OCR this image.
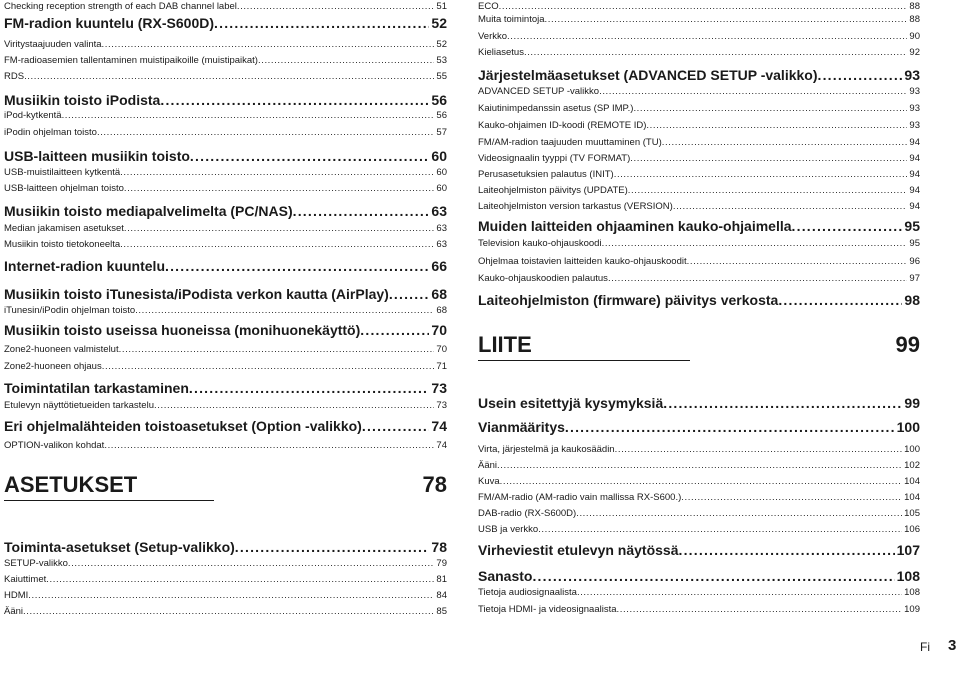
Checking reception strength of each DAB channel label .....	51
FM-radion kuuntelu (RX-S600D) .....	52
Viritystaajuuden valinta .....	52
FM-radioasemien tallentaminen muistipaikoille (muistipaikat) .....	53
RDS .....	55
Musiikin toisto iPodista .....	56
iPod-kytkentä .....	56
iPodin ohjelman toisto .....	57
USB-laitteen musiikin toisto .....	60
USB-muistilaitteen kytkentä .....	60
USB-laitteen ohjelman toisto .....	60
Musiikin toisto mediapalvelimelta (PC/NAS) .....	63
Median jakamisen asetukset .....	63
Musiikin toisto tietokoneelta .....	63
Internet-radion kuuntelu .....	66
Musiikin toisto iTunesista/iPodista verkon kautta (AirPlay) .....	68
iTunesin/iPodin ohjelman toisto .....	68
Musiikin toisto useissa huoneissa (monihuonekäyttö) .....	70
Zone2-huoneen valmistelut .....	70
Zone2-huoneen ohjaus .....	71
Toimintatilan tarkastaminen .....	73
Etulevyn näyttötietueiden tarkastelu .....	73
Eri ohjelmalähteiden toistoasetukset (Option -valikko) .....	74
OPTION-valikon kohdat .....	74
ASETUKSET	78
Toiminta-asetukset (Setup-valikko) .....	78
SETUP-valikko .....	79
Kaiuttimet .....	81
HDMI .....	84
Ääni .....	85
ECO .....	88
Muita toimintoja .....	88
Verkko .....	90
Kieliasetus .....	92
Järjestelmäasetukset (ADVANCED SETUP -valikko) .....	93
ADVANCED SETUP -valikko .....	93
Kaiutinimpedanssin asetus (SP IMP.) .....	93
Kauko-ohjaimen ID-koodi (REMOTE ID) .....	93
FM/AM-radion taajuuden muuttaminen (TU) .....	94
Videosignaalin tyyppi (TV FORMAT) .....	94
Perusasetuksien palautus (INIT) .....	94
Laiteohjelmiston päivitys (UPDATE) .....	94
Laiteohjelmiston version tarkastus (VERSION) .....	94
Muiden laitteiden ohjaaminen kauko-ohjaimella .....	95
Television kauko-ohjauskoodi .....	95
Ohjelmaa toistavien laitteiden kauko-ohjauskoodit .....	96
Kauko-ohjauskoodien palautus .....	97
Laiteohjelmiston (firmware) päivitys verkosta .....	98
LIITE	99
Usein esitettyjä kysymyksiä .....	99
Vianmääritys .....	100
Virta, järjestelmä ja kaukosäädin .....	100
Ääni .....	102
Kuva .....	104
FM/AM-radio (AM-radio vain mallissa RX-S600.) .....	104
DAB-radio (RX-S600D) .....	105
USB ja verkko .....	106
Virheviestit etulevyn näytössä .....	107
Sanasto .....	108
Tietoja audiosignaalista .....	108
Tietoja HDMI- ja videosignaalista .....	109
Fi 3
